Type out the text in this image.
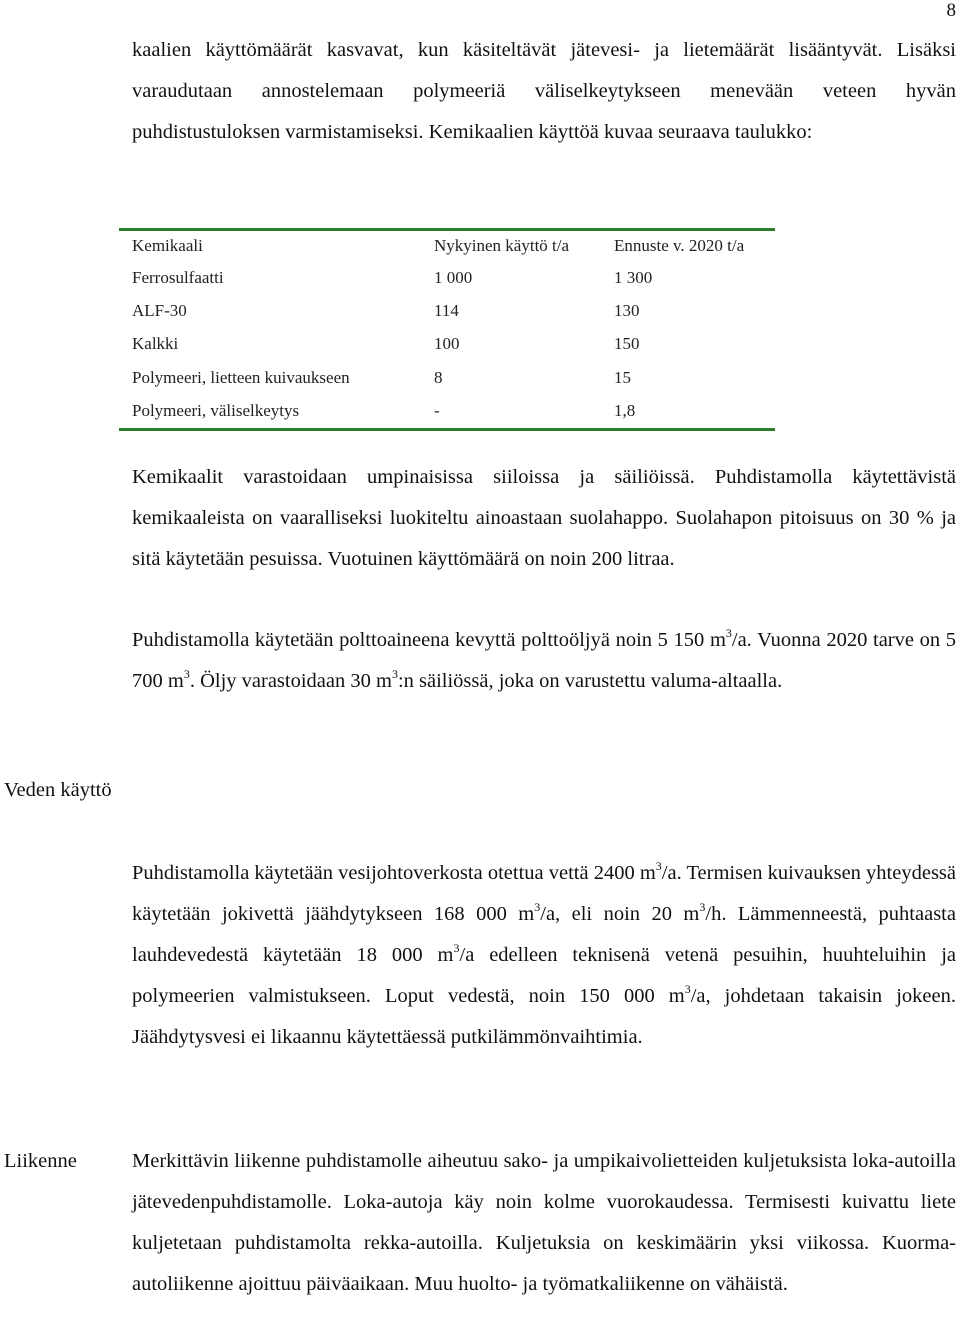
8

kaalien käyttömäärät kasvavat, kun käsiteltävät jätevesi- ja lietemäärät lisääntyvät. Lisäksi varaudutaan annostelemaan polymeeriä väliselkeytykseen menevään veteen hyvän puhdistustuloksen varmistamiseksi. Kemikaalien käyttöä kuvaa seuraava taulukko:

Kemikaali	Nykyinen käyttö t/a	Ennuste v. 2020 t/a
Ferrosulfaatti	1 000	1 300
ALF-30	114	130
Kalkki	100	150
Polymeeri, lietteen kuivaukseen	8	15
Polymeeri, väliselkeytys	-	1,8

Kemikaalit varastoidaan umpinaisissa siiloissa ja säiliöissä. Puhdistamolla käytettävistä kemikaaleista on vaaralliseksi luokiteltu ainoastaan suolahappo. Suolahapon pitoisuus on 30 % ja sitä käytetään pesuissa. Vuotuinen käyttömäärä on noin 200 litraa.

Puhdistamolla käytetään polttoaineena kevyttä polttoöljyä noin 5 150 $m^3/a$. Vuonna 2020 tarve on 5 700 $m^3$. Öljy varastoidaan 30 $m^3:n$ säiliössä, joka on varustettu valuma-altaalla.

Veden käyttö

Puhdistamolla käytetään vesijohtoverkosta otettua vettä 2400 $m^3/a$. Termisen kuivauksen yhteydessä käytetään jokivettä jäähdytykseen 168 000 $m^3/a$, eli noin 20 $m^3/h$. Lämmenneestä, puhtaasta lauhdevedestä käytetään 18 000 $m^3/a$ edelleen teknisenä vetenä pesuihin, huuhteluihin ja polymeerien valmistukseen. Loput vedestä, noin 150 000 $m^3/a$, johdetaan takaisin jokeen. Jäähdytysvesi ei likaannu käytettäessä putkilämmönvaihtimia.

Liikenne	Merkittävin liikenne puhdistamolle aiheutuu sako- ja umpikaivolietteiden kuljetuksista loka-autoilla jätevedenpuhdistamolle. Loka-autoja käy noin kolme vuorokaudessa. Termisesti kuivattu liete kuljetetaan puhdistamolta rekka-autoilla. Kuljetuksia on keskimäärin yksi viikossa. Kuorma-autoliikenne ajoittuu päiväaikaan. Muu huolto- ja työmatkaliikenne on vähäistä.
